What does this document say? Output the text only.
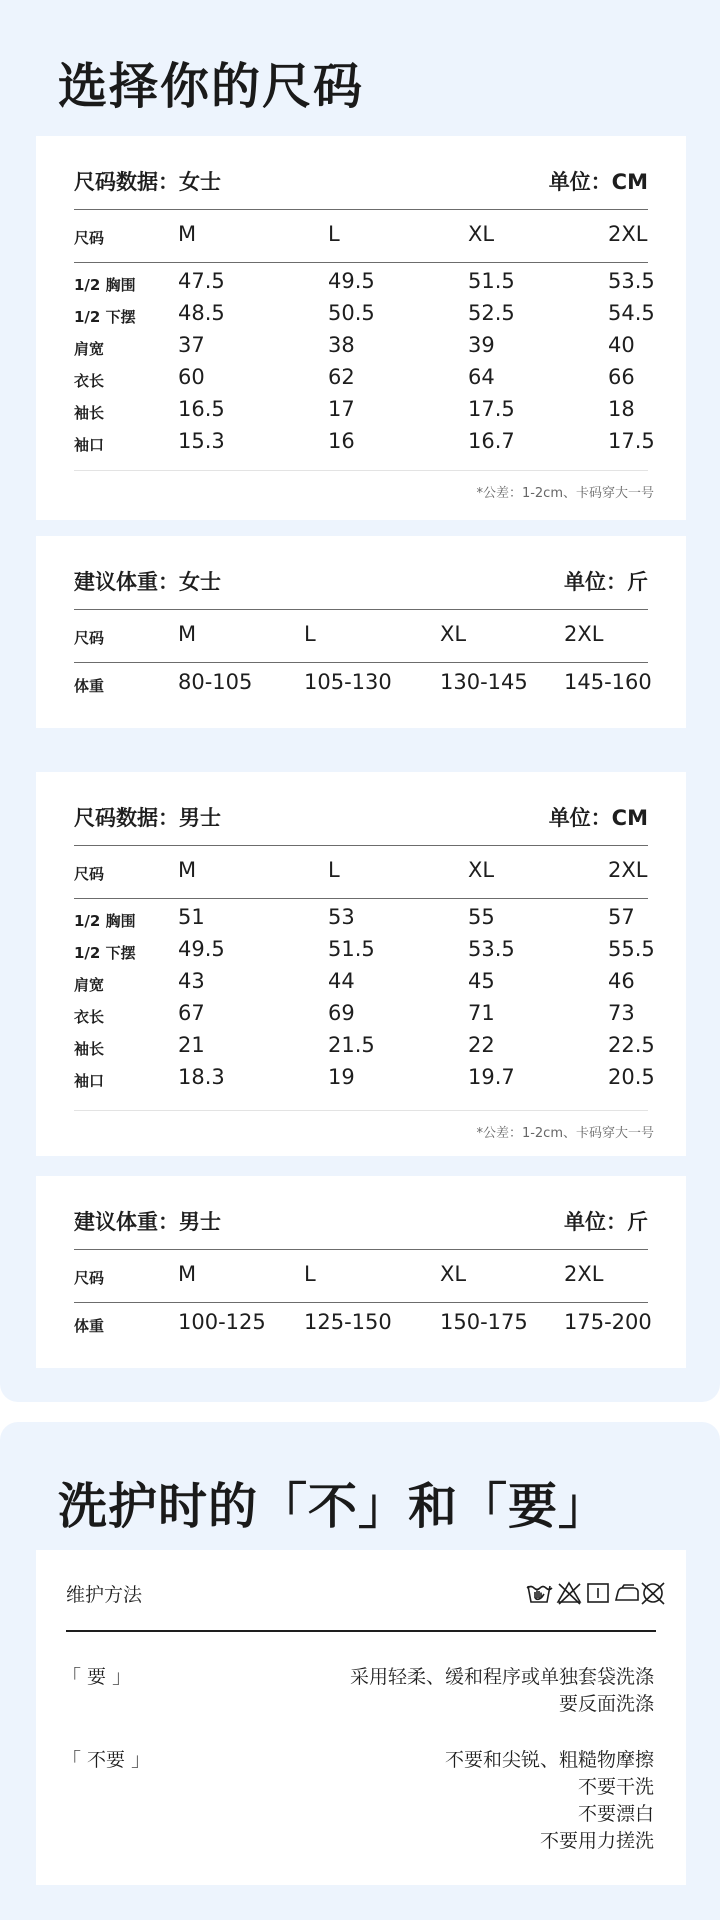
选择你的尺码
尺码数据：女士	单位：CM
尺码	M	L	XL	2XL
1/2 胸围 47.5	49.5	51.5	53.5
1/2 下摆 48.5	50.5	52.5	54.5
肩宽	37	38	39	40
衣长	60	62	64	66
袖长	16.5	17	17.5	18
袖口	15.3	16	16.7	17.5
*公差：1-2cm、卡码穿大一号
建议体重：女士	单位：斤
尺码	M	L	XL	2XL
体重	80-105 105-130 130-145 145-160
尺码数据：男士	单位：CM
尺码	M	L	XL	2XL
1/2 胸围 51	53	55	57
1/2 下摆 49.5	51.5	53.5	55.5
肩宽	43	44	45	46
衣长	67	69	71	73
袖长	21	21.5	22	22.5
袖口	18.3	19	19.7	20.5
*公差：1-2cm、卡码穿大一号
建议体重：男士	单位：斤
尺码	M	L	XL	2XL
体重	100-125 125-150 150-175 175-200
洗护时的「不」和「要」
维护方法
「 要 」	采用轻柔、缓和程序或单独套袋洗涤
要反面洗涤
「 不要 」	不要和尖锐、粗糙物摩擦
不要干洗
不要漂白
不要用力搓洗
